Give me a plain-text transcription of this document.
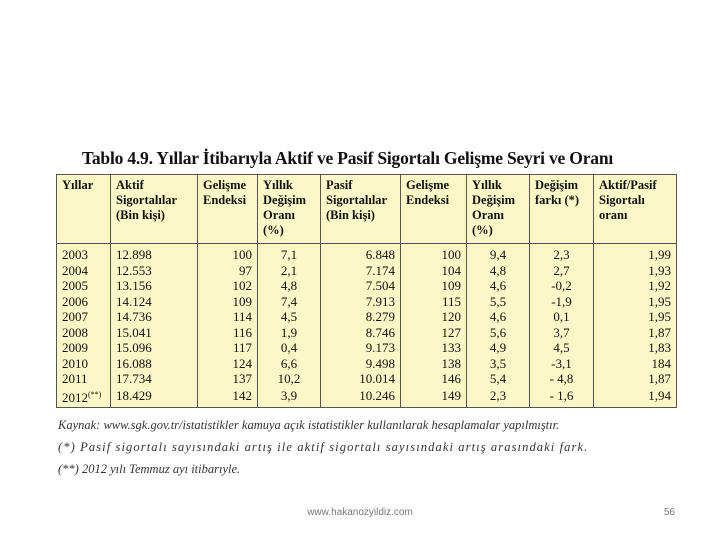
Tablo 4.9. Yıllar İtibarıyla Aktif ve Pasif Sigortalı Gelişme Seyri ve Oranı
Yıllar	Aktif Sigortalılar (Bin kişi)	Gelişme Endeksi	Yıllık Değişim Oranı (%)	Pasif Sigortalılar (Bin kişi)	Gelişme Endeksi	Yıllık Değişim Oranı (%)	Değişim farkı (*)	Aktif/Pasif Sigortalı oranı
2003	12.898	100	7,1	6.848	100	9,4	2,3	1,99
2004	12.553	97	2,1	7.174	104	4,8	2,7	1,93
2005	13.156	102	4,8	7.504	109	4,6	-0,2	1,92
2006	14.124	109	7,4	7.913	115	5,5	-1,9	1,95
2007	14.736	114	4,5	8.279	120	4,6	0,1	1,95
2008	15.041	116	1,9	8.746	127	5,6	3,7	1,87
2009	15.096	117	0,4	9.173	133	4,9	4,5	1,83
2010	16.088	124	6,6	9.498	138	3,5	-3,1	184
2011	17.734	137	10,2	10.014	146	5,4	- 4,8	1,87
2012(**)	18.429	142	3,9	10.246	149	2,3	- 1,6	1,94
Kaynak: www.sgk.gov.tr/istatistikler kamuya açık istatistikler kullanılarak hesaplamalar yapılmıştır.
(*) Pasif sigortalı sayısındaki artış ile aktif sigortalı sayısındaki artış arasındaki fark.
(**) 2012 yılı Temmuz ayı itibarıyle.
www.hakanozyildiz.com	56
